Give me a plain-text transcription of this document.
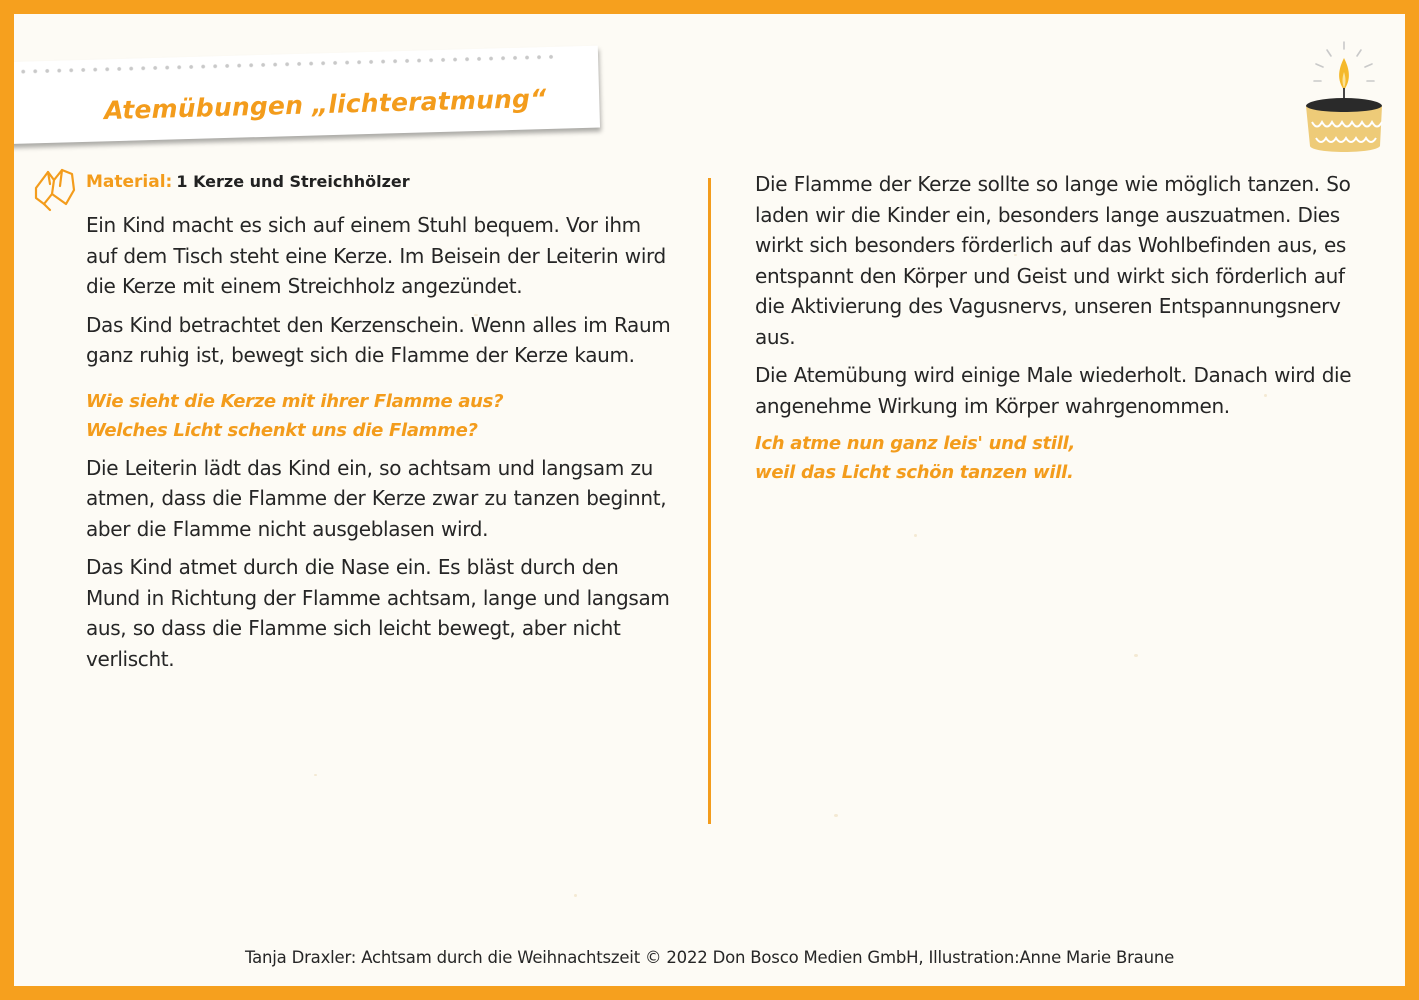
Atemübungen „lichteratmung“
Material: 1 Kerze und Streichhölzer

Ein Kind macht es sich auf einem Stuhl bequem. Vor ihm auf dem Tisch steht eine Kerze. Im Beisein der Leiterin wird die Kerze mit einem Streichholz angezündet.

Das Kind betrachtet den Kerzenschein. Wenn alles im Raum ganz ruhig ist, bewegt sich die Flamme der Kerze kaum.

Wie sieht die Kerze mit ihrer Flamme aus?
Welches Licht schenkt uns die Flamme?

Die Leiterin lädt das Kind ein, so achtsam und langsam zu atmen, dass die Flamme der Kerze zwar zu tanzen beginnt, aber die Flamme nicht ausgeblasen wird.

Das Kind atmet durch die Nase ein. Es bläst durch den Mund in Richtung der Flamme achtsam, lange und langsam aus, so dass die Flamme sich leicht bewegt, aber nicht verlischt.

Die Flamme der Kerze sollte so lange wie möglich tanzen. So laden wir die Kinder ein, besonders lange auszuatmen. Dies wirkt sich besonders förderlich auf das Wohlbefinden aus, es entspannt den Körper und Geist und wirkt sich förderlich auf die Aktivierung des Vagusnervs, unseren Entspannungsnerv aus.

Die Atemübung wird einige Male wiederholt. Danach wird die angenehme Wirkung im Körper wahrgenommen.

Ich atme nun ganz leis' und still,
weil das Licht schön tanzen will.
Tanja Draxler: Achtsam durch die Weihnachtszeit © 2022 Don Bosco Medien GmbH, Illustration:Anne Marie Braune
